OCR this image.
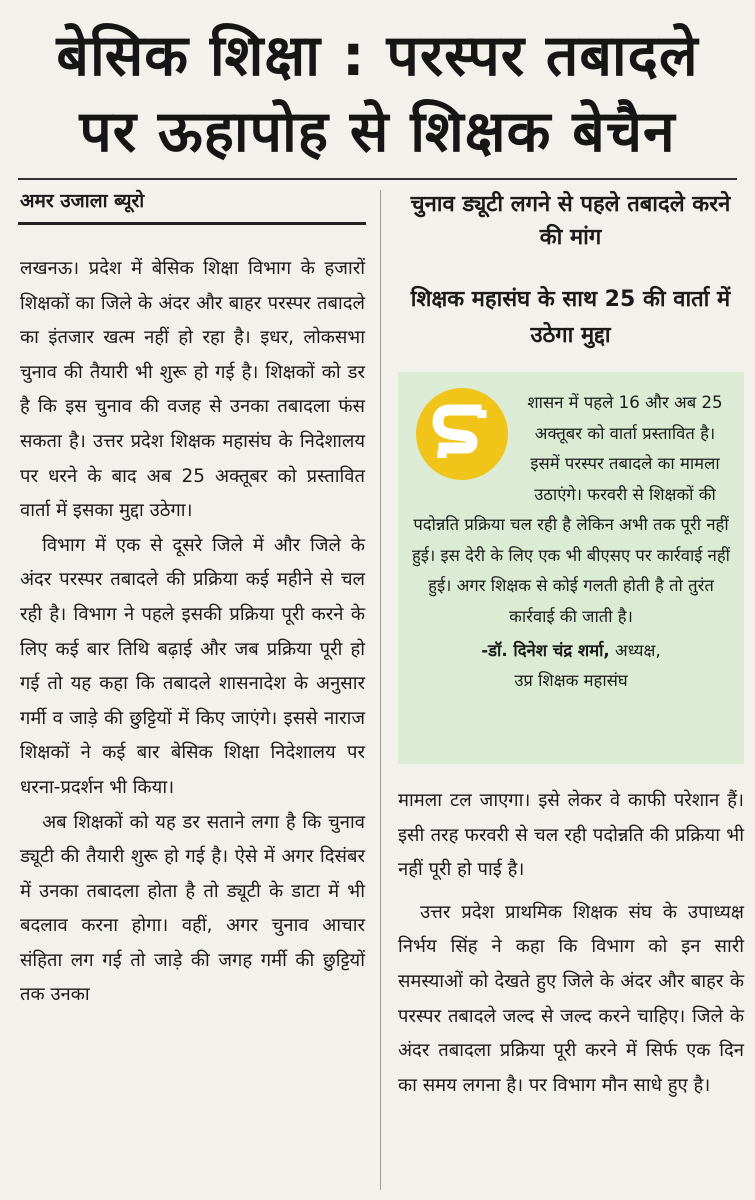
बेसिक शिक्षा : परस्पर तबादले
पर ऊहापोह से शिक्षक बेचैन
अमर उजाला ब्यूरो

लखनऊ। प्रदेश में बेसिक शिक्षा विभाग के हजारों शिक्षकों का जिले के अंदर और बाहर परस्पर तबादले का इंतजार खत्म नहीं हो रहा है। इधर, लोकसभा चुनाव की तैयारी भी शुरू हो गई है। शिक्षकों को डर है कि इस चुनाव की वजह से उनका तबादला फंस सकता है। उत्तर प्रदेश शिक्षक महासंघ के निदेशालय पर धरने के बाद अब 25 अक्तूबर को प्रस्तावित वार्ता में इसका मुद्दा उठेगा।

विभाग में एक से दूसरे जिले में और जिले के अंदर परस्पर तबादले की प्रक्रिया कई महीने से चल रही है। विभाग ने पहले इसकी प्रक्रिया पूरी करने के लिए कई बार तिथि बढ़ाई और जब प्रक्रिया पूरी हो गई तो यह कहा कि तबादले शासनादेश के अनुसार गर्मी व जाड़े की छुट्टियों में किए जाएंगे। इससे नाराज शिक्षकों ने कई बार बेसिक शिक्षा निदेशालय पर धरना-प्रदर्शन भी किया।

अब शिक्षकों को यह डर सताने लगा है कि चुनाव ड्यूटी की तैयारी शुरू हो गई है। ऐसे में अगर दिसंबर में उनका तबादला होता है तो ड्यूटी के डाटा में भी बदलाव करना होगा। वहीं, अगर चुनाव आचार संहिता लग गई तो जाड़े की जगह गर्मी की छुट्टियों तक उनका

चुनाव ड्यूटी लगने से पहले तबादले करने की मांग
शिक्षक महासंघ के साथ 25 की वार्ता में उठेगा मुद्दा
शासन में पहले 16 और अब 25 अक्तूबर को वार्ता प्रस्तावित है। इसमें परस्पर तबादले का मामला उठाएंगे। फरवरी से शिक्षकों की पदोन्नति प्रक्रिया चल रही है लेकिन अभी तक पूरी नहीं हुई। इस देरी के लिए एक भी बीएसए पर कार्रवाई नहीं हुई। अगर शिक्षक से कोई गलती होती है तो तुरंत कार्रवाई की जाती है।
-डॉ. दिनेश चंद्र शर्मा, अध्यक्ष,
उप्र शिक्षक महासंघ

मामला टल जाएगा। इसे लेकर वे काफी परेशान हैं। इसी तरह फरवरी से चल रही पदोन्नति की प्रक्रिया भी नहीं पूरी हो पाई है।

उत्तर प्रदेश प्राथमिक शिक्षक संघ के उपाध्यक्ष निर्भय सिंह ने कहा कि विभाग को इन सारी समस्याओं को देखते हुए जिले के अंदर और बाहर के परस्पर तबादले जल्द से जल्द करने चाहिए। जिले के अंदर तबादला प्रक्रिया पूरी करने में सिर्फ एक दिन का समय लगना है। पर विभाग मौन साधे हुए है।
